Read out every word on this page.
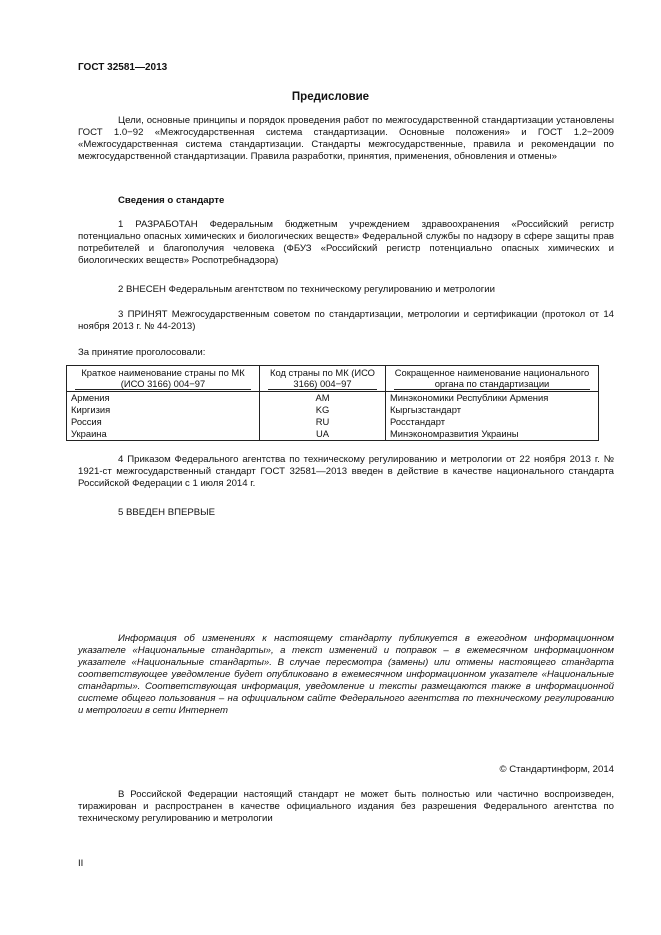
ГОСТ 32581—2013
Предисловие
Цели, основные принципы и порядок проведения работ по межгосударственной стандартизации установлены ГОСТ 1.0−92 «Межгосударственная система стандартизации. Основные положения» и ГОСТ 1.2−2009 «Межгосударственная система стандартизации. Стандарты межгосударственные, правила и рекомендации по межгосударственной стандартизации. Правила разработки, принятия, применения, обновления и отмены»
Сведения о стандарте
1 РАЗРАБОТАН Федеральным бюджетным учреждением здравоохранения «Российский регистр потенциально опасных химических и биологических веществ» Федеральной службы по надзору в сфере защиты прав потребителей и благополучия человека (ФБУЗ «Российский регистр потенциально опасных химических и биологических веществ» Роспотребнадзора)
2 ВНЕСЕН Федеральным агентством по техническому регулированию и метрологии
3 ПРИНЯТ Межгосударственным советом по стандартизации, метрологии и сертификации (протокол от 14 ноября 2013 г. № 44-2013)
За принятие проголосовали:
Краткое наименование страны по МК (ИСО 3166) 004−97	Код страны по МК (ИСО 3166) 004−97	Сокращенное наименование национального органа по стандартизации

Армения	AM	Минэкономики Республики Армения
Киргизия	KG	Кыргызстандарт
Россия	RU	Росстандарт
Украина	UA	Минэкономразвития Украины
4 Приказом Федерального агентства по техническому регулированию и метрологии от 22 ноября 2013 г. № 1921-ст межгосударственный стандарт ГОСТ 32581—2013 введен в действие в качестве национального стандарта Российской Федерации с 1 июля 2014 г.
5 ВВЕДЕН ВПЕРВЫЕ
Информация об изменениях к настоящему стандарту публикуется в ежегодном информационном указателе «Национальные стандарты», а текст изменений и поправок – в ежемесячном информационном указателе «Национальные стандарты». В случае пересмотра (замены) или отмены настоящего стандарта соответствующее уведомление будет опубликовано в ежемесячном информационном указателе «Национальные стандарты». Соответствующая информация, уведомление и тексты размещаются также в информационной системе общего пользования – на официальном сайте Федерального агентства по техническому регулированию и метрологии в сети Интернет
© Стандартинформ, 2014
В Российской Федерации настоящий стандарт не может быть полностью или частично воспроизведен, тиражирован и распространен в качестве официального издания без разрешения Федерального агентства по техническому регулированию и метрологии
II
